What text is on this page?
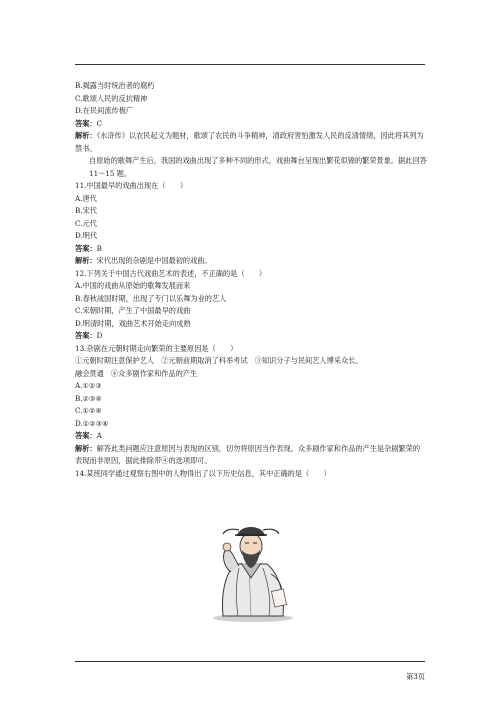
B.揭露当时统治者的腐朽
C.歌颂人民的反抗精神
D.在民间流传极广
答案：C
解析：《水浒传》以农民起义为题材，歌颂了农民的斗争精神，清政府害怕激发人民的反清情绪，因此将其列为禁书。
自原始的歌舞产生后，我国的戏曲出现了多种不同的形式，戏曲舞台呈现出繁花似锦的繁荣景象。据此回答 11～15 题。
11.中国最早的戏曲出现在（　　）
A.唐代
B.宋代
C.元代
D.明代
答案：B
解析：宋代出现的杂剧是中国最初的戏曲。
12.下列关于中国古代戏曲艺术的表述，不正确的是（　　）
A.中国的戏曲从原始的歌舞发展而来
B.春秋战国时期，出现了专门以乐舞为业的艺人
C.宋朝时期，产生了中国最早的戏曲
D.明清时期，戏曲艺术开始走向成熟
答案：D
13.杂剧在元朝时期走向繁荣的主要原因是（　　）
①元朝时期注意保护艺人　②元朝前期取消了科举考试　③知识分子与民间艺人博采众长、
融会贯通　④众多剧作家和作品的产生
A.①②③
B.②③④
C.①②④
D.①②③④
答案：A
解析：解答此类问题应注意原因与表现的区别，切勿将原因当作表现。众多剧作家和作品的产生是杂剧繁荣的表现而非原因，据此排除带④的选项即可。
14.某班同学通过观察右图中的人物得出了以下历史信息，其中正确的是（　　）
第3页
